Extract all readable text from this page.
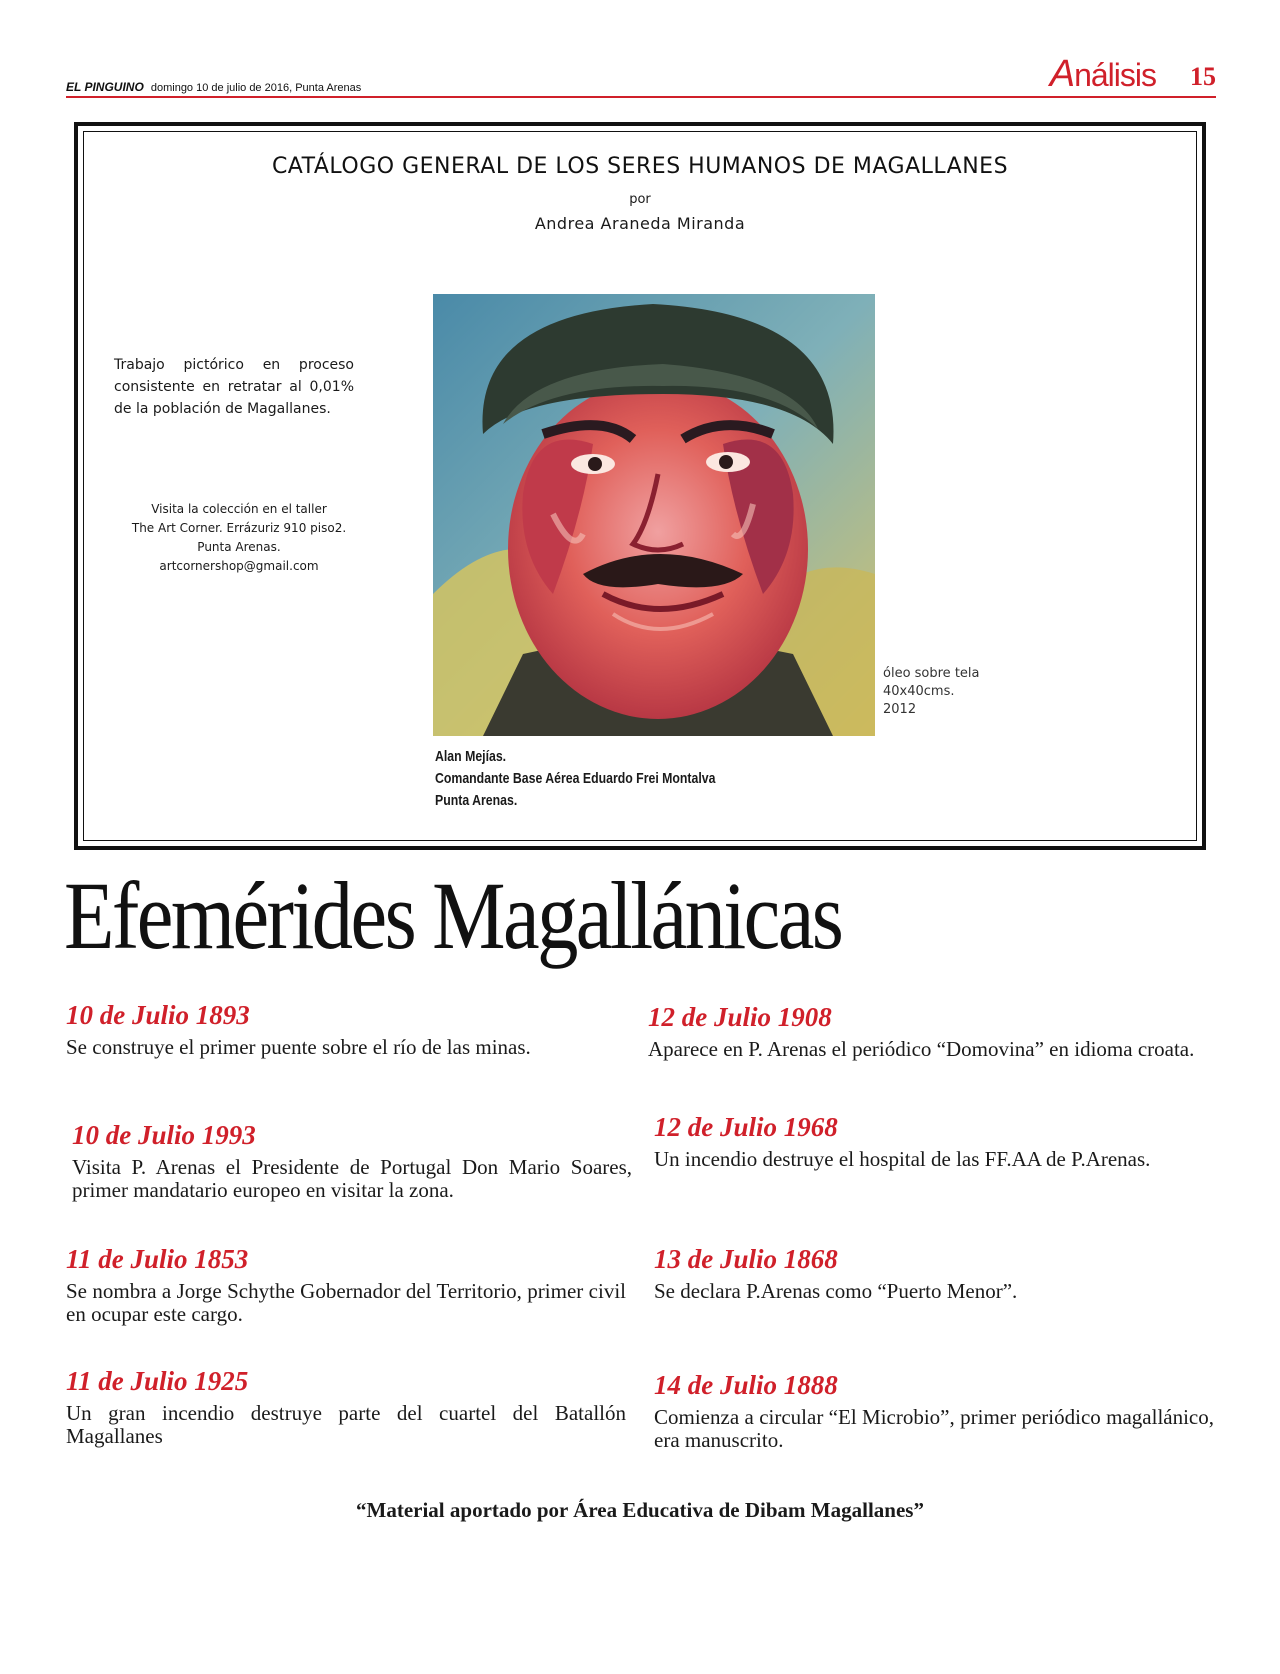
EL PINGUINO domingo 10 de julio de 2016, Punta Arenas	Análisis 15
CATÁLOGO GENERAL DE LOS SERES HUMANOS DE MAGALLANES
por
Andrea Araneda Miranda
Trabajo pictórico en proceso consistente en retratar al 0,01%
de la población de Magallanes.
Visita la colección en el taller
The Art Corner. Errázuriz 910 piso2.
Punta Arenas.
artcornershop@gmail.com
Alan Mejías.
Comandante Base Aérea Eduardo Frei Montalva
Punta Arenas.
óleo sobre tela
40x40cms.
2012
Efemérides Magallánicas
10 de Julio 1893
Se construye el primer puente sobre el río de las minas.
10 de Julio 1993
Visita P. Arenas el Presidente de Portugal Don Mario Soares, primer mandatario europeo en visitar la zona.
11 de Julio 1853
Se nombra a Jorge Schythe Gobernador del Territorio, primer civil en ocupar este cargo.
11 de Julio 1925
Un gran incendio destruye parte del cuartel del Batallón Magallanes
12 de Julio 1908
Aparece en P. Arenas el periódico “Domovina” en idioma croata.
12 de Julio 1968
Un incendio destruye el hospital de las FF.AA de P.Arenas.
13 de Julio 1868
Se declara P.Arenas como “Puerto Menor”.
14 de Julio 1888
Comienza a circular “El Microbio”, primer periódico magallánico, era manuscrito.
“Material aportado por Área Educativa de Dibam Magallanes”
